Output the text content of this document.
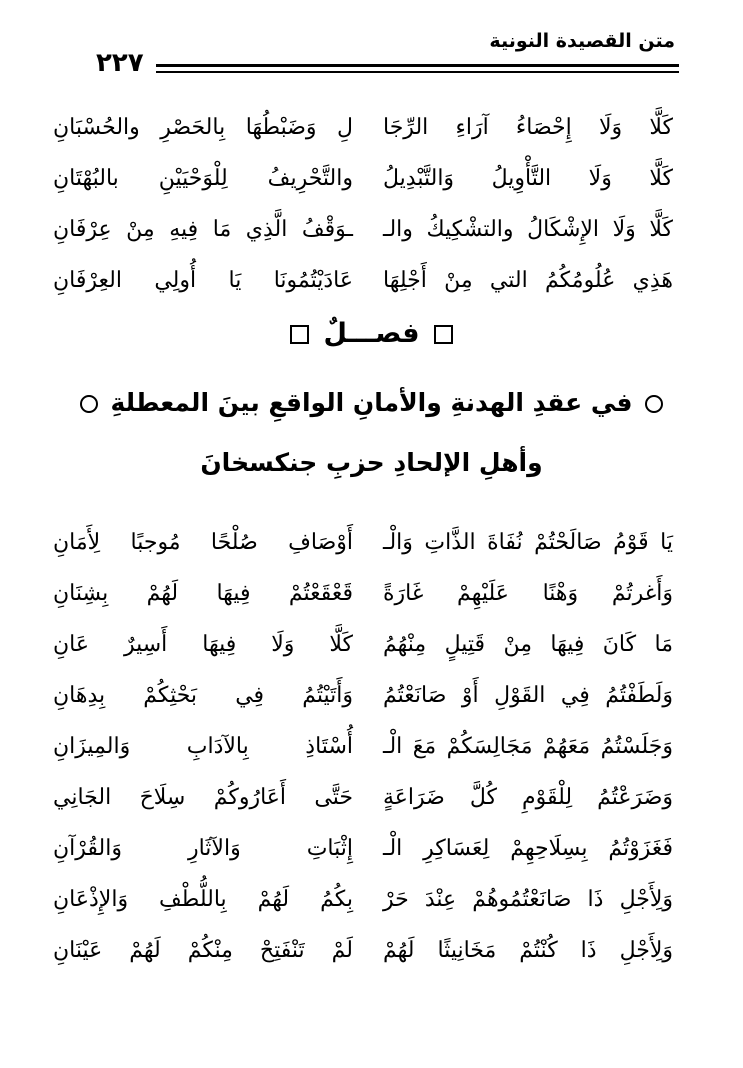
متن القصيدة النونية
٢٢٧
كَلَّا وَلَا إِحْصَاءُ آرَاءِ الرِّجَا
لِ وَضَبْطُهَا بِالحَصْرِ والحُسْبَانِ
كَلَّا وَلَا التَّأْوِيلُ وَالتَّبْدِيلُ
والتَّحْرِيفُ لِلْوَحْيَيْنِ بالبُهْتَانِ
كَلَّا وَلَا الإِشْكَالُ والتشْكِيكُ والـ
ـوَقْفُ الَّذِي مَا فِيهِ مِنْ عِرْفَانِ
هَذِي عُلُومُكُمُ التي مِنْ أَجْلِهَا
عَادَيْتُمُونَا يَا أُولِي العِرْفَانِ
فصـــلٌ
في عقدِ الهدنةِ والأمانِ الواقعِ بينَ المعطلةِ
وأهلِ الإلحادِ حزبِ جنكسخانَ
يَا قَوْمُ صَالَحْتُمْ نُفَاةَ الذَّاتِ وَالْـ
أَوْصَافِ صُلْحًا مُوجبًا لِأَمَانِ
وَأَغرتُمْ وَهْنًا عَلَيْهِمْ غَارَةً
قَعْقَعْتُمْ فِيهَا لَهُمْ بِشِنَانِ
مَا كَانَ فِيهَا مِنْ قَتِيلٍ مِنْهُمُ
كَلَّا وَلَا فِيهَا أَسِيرٌ عَانِ
وَلَطَفْتُمُ فِي القَوْلِ أَوْ صَانَعْتُمُ
وَأَتَيْتُمُ فِي بَحْثِكُمْ بِدِهَانِ
وَجَلَسْتُمُ مَعَهُمْ مَجَالِسَكُمْ مَعَ الْـ
أُسْتَاذِ بِالآدَابِ وَالمِيزَانِ
وَضَرَعْتُمُ لِلْقَوْمِ كُلَّ ضَرَاعَةٍ
حَتَّى أَعَارُوكُمْ سِلَاحَ الجَانِي
فَغَزَوْتُمُ بِسِلَاحِهِمْ لِعَسَاكِرِ الْـ
إِثْبَاتِ وَالآثَارِ وَالقُرْآنِ
وَلِأَجْلِ ذَا صَانَعْتُمُوهُمْ عِنْدَ حَرْ
بِكُمُ لَهُمْ بِاللُّطْفِ وَالإِذْعَانِ
وَلِأَجْلِ ذَا كُنْتُمْ مَخَانِيثًا لَهُمْ
لَمْ تَنْفَتِحْ مِنْكُمْ لَهُمْ عَيْنَانِ
